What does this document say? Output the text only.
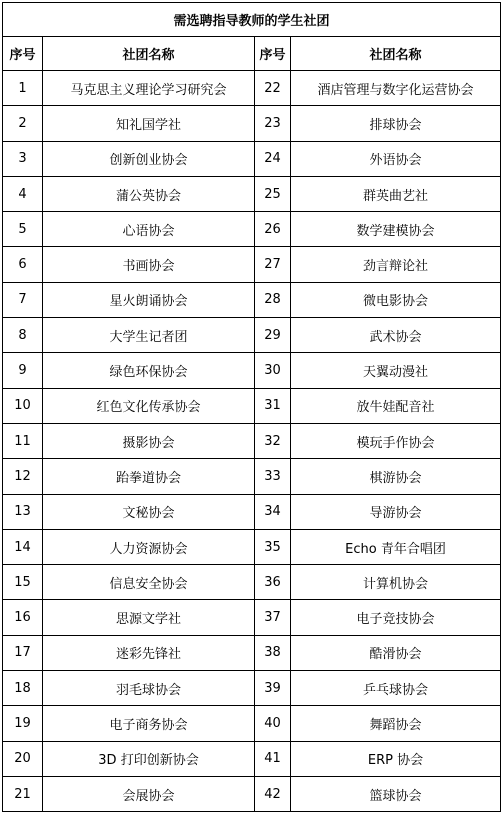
需选聘指导教师的学生社团			
序号	社团名称	序号	社团名称
1	马克思主义理论学习研究会	22	酒店管理与数字化运营协会
2	知礼国学社	23	排球协会
3	创新创业协会	24	外语协会
4	蒲公英协会	25	群英曲艺社
5	心语协会	26	数学建模协会
6	书画协会	27	劲言辩论社
7	星火朗诵协会	28	微电影协会
8	大学生记者团	29	武术协会
9	绿色环保协会	30	天翼动漫社
10	红色文化传承协会	31	放牛娃配音社
11	摄影协会	32	模玩手作协会
12	跆拳道协会	33	棋游协会
13	文秘协会	34	导游协会
14	人力资源协会	35	Echo 青年合唱团
15	信息安全协会	36	计算机协会
16	思源文学社	37	电子竞技协会
17	迷彩先锋社	38	酷滑协会
18	羽毛球协会	39	乒乓球协会
19	电子商务协会	40	舞蹈协会
20	3D 打印创新协会	41	ERP 协会
21	会展协会	42	篮球协会
